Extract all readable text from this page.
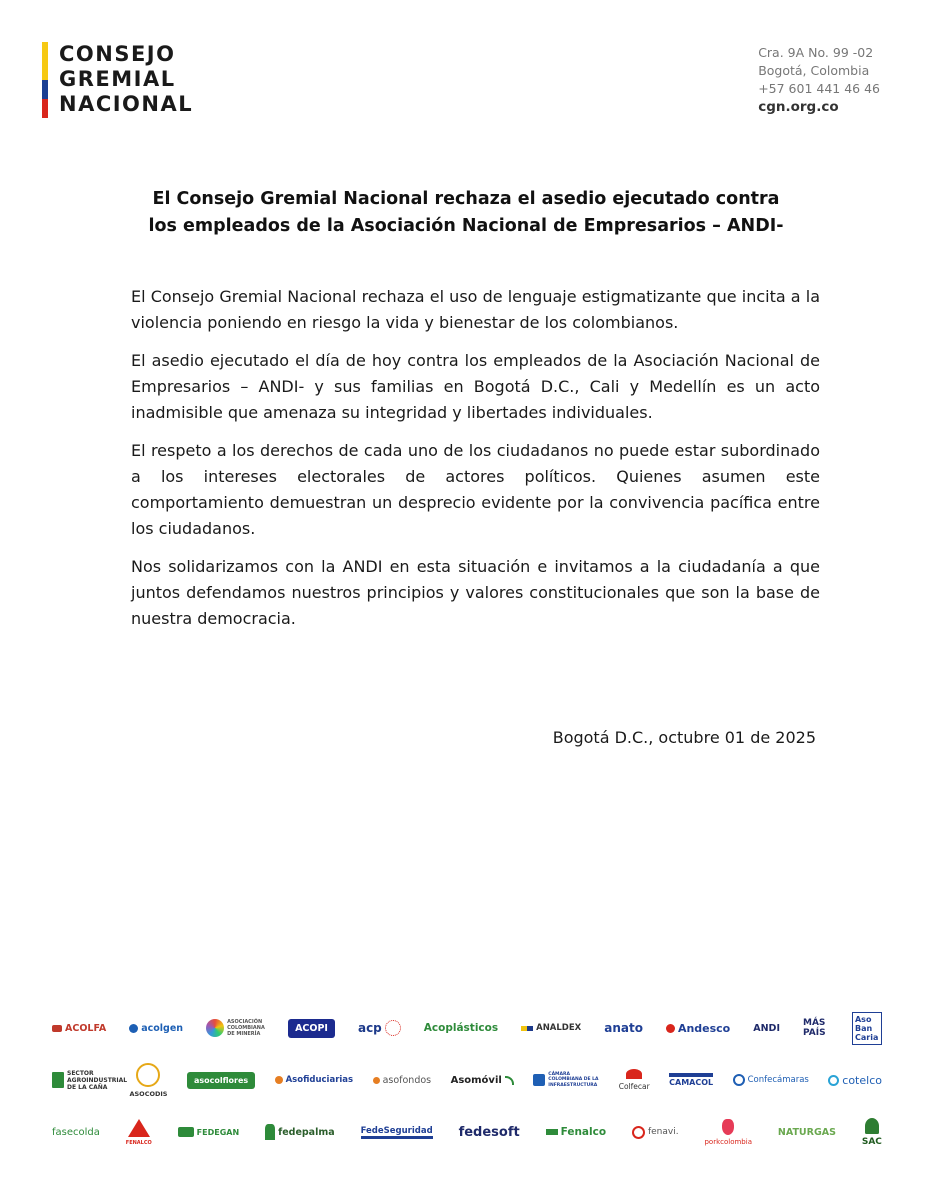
CONSEJO
GREMIAL
NACIONAL
Cra. 9A No. 99 -02
Bogotá, Colombia
+57 601 441 46 46
cgn.org.co
El Consejo Gremial Nacional rechaza el asedio ejecutado contra
los empleados de la Asociación Nacional de Empresarios – ANDI-

El Consejo Gremial Nacional rechaza el uso de lenguaje estigmatizante que incita a la violencia poniendo en riesgo la vida y bienestar de los colombianos.

El asedio ejecutado el día de hoy contra los empleados de la Asociación Nacional de Empresarios – ANDI- y sus familias en Bogotá D.C., Cali y Medellín es un acto inadmisible que amenaza su integridad y libertades individuales.

El respeto a los derechos de cada uno de los ciudadanos no puede estar subordinado a los intereses electorales de actores políticos. Quienes asumen este comportamiento demuestran un desprecio evidente por la convivencia pacífica entre los ciudadanos.

Nos solidarizamos con la ANDI en esta situación e invitamos a la ciudadanía a que juntos defendamos nuestros principios y valores constitucionales que son la base de nuestra democracia.

Bogotá D.C., octubre 01 de 2025
ACOLFA	acolgen
ASOCIACIÓN COLOMBIANA DE MINERÍA
ACOPI	acp	Acoplásticos	ANALDEX anato	Andesco ANDI	MÁS PAÍS
Aso Ban Caria
SECTOR AGROINDUSTRIAL DE LA CAÑA
ASOCODIS
asocolflores	Asofiduciarias	asofondos Asomóvil
CÁMARA COLOMBIANA DE LA INFRAESTRUCTURA	Colfecar CAMACOL	Confecámaras	cotelco
fasecolda
FENALCO
FEDEGAN	fedepalma	FedeSeguridad fedesoft	Fenalco	fenavi.
porkcolombia
NATURGAS
SAC
